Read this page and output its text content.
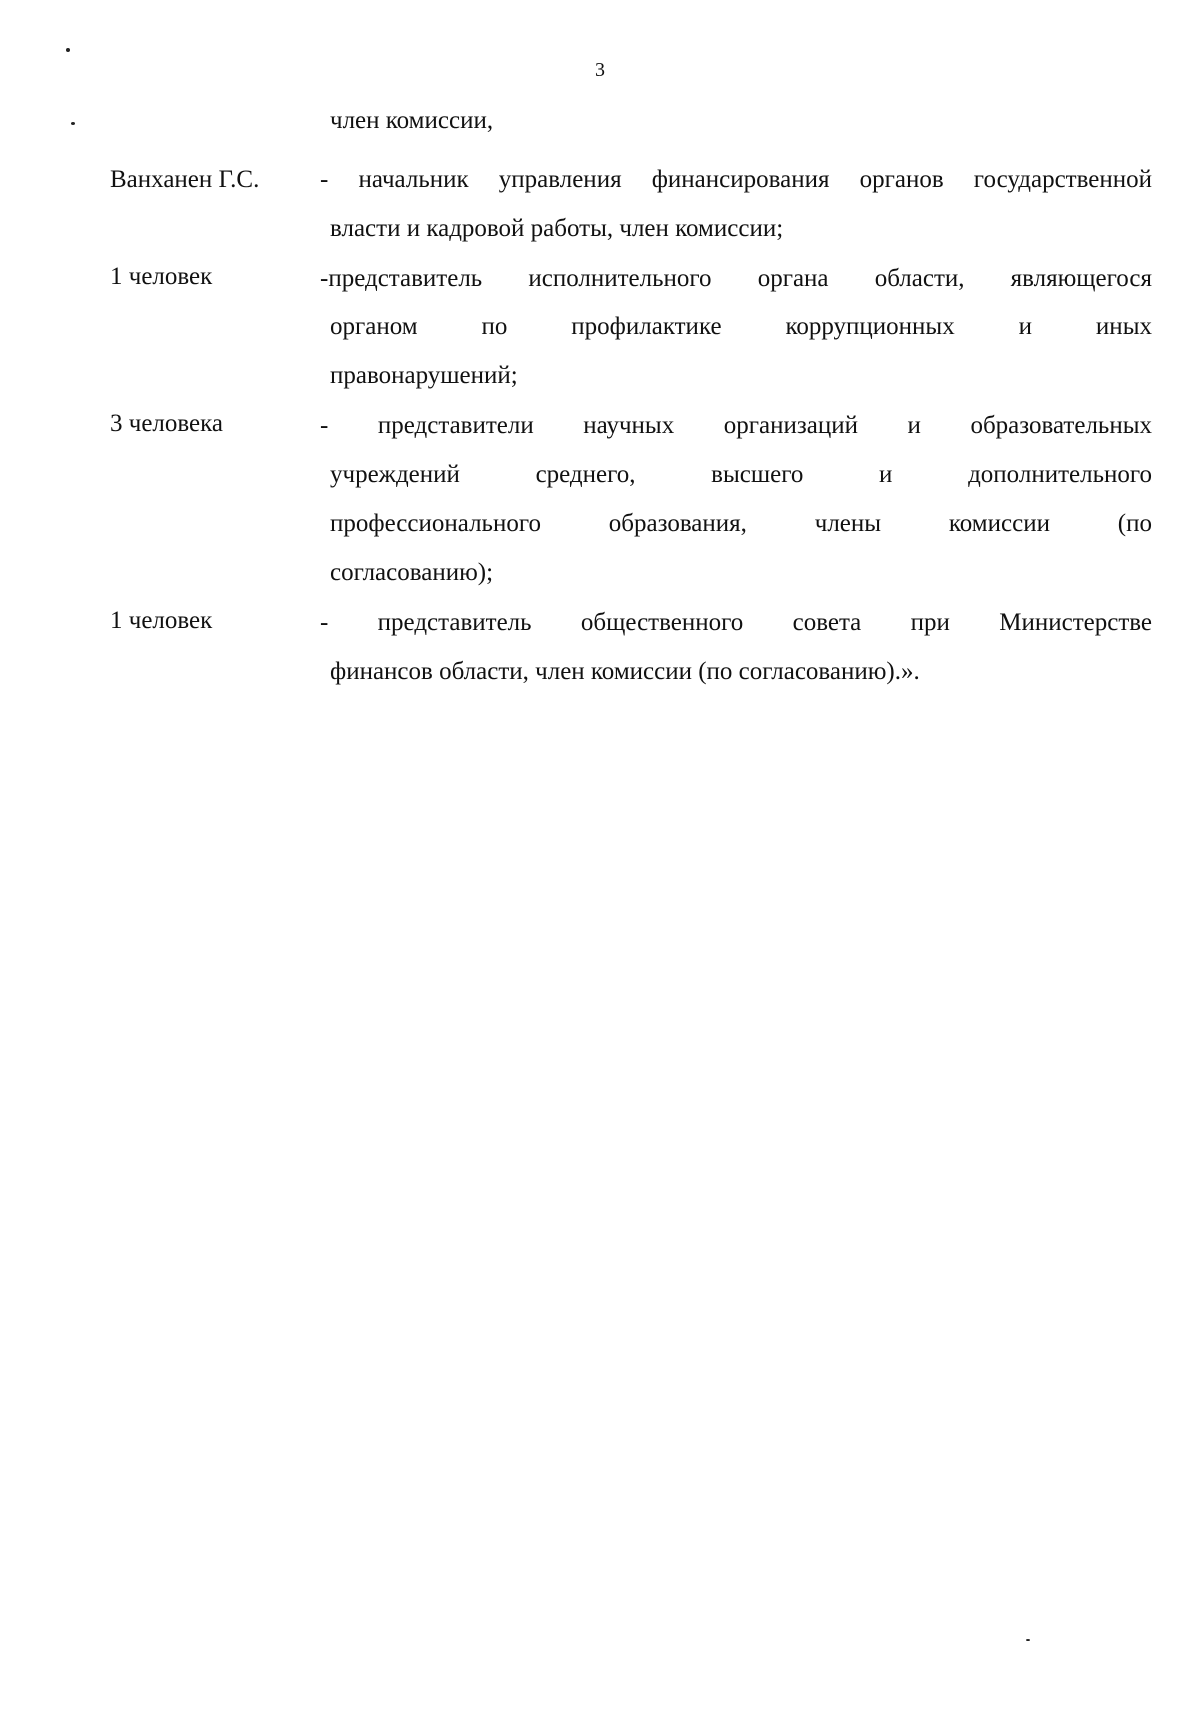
3
член комиссии,
Ванханен Г.С. - начальник управления финансирования органов государственной
власти и кадровой работы, член комиссии;
1 человек	-представитель исполнительного органа области, являющегося
органом по профилактике коррупционных и иных
правонарушений;
3 человека	- представители научных организаций и образовательных
учреждений среднего, высшего и дополнительного
профессионального образования, члены комиссии (по
согласованию);
1 человек	- представитель общественного совета при Министерстве
финансов области, член комиссии (по согласованию).».
